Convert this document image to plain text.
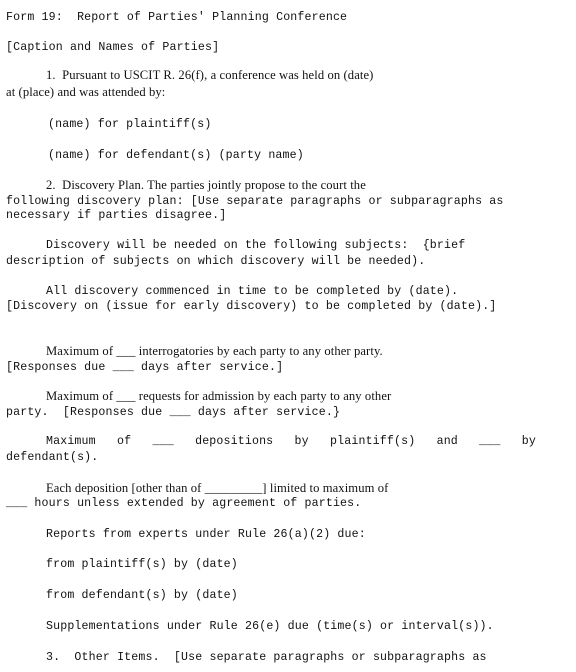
Form 19:  Report of Parties' Planning Conference
[Caption and Names of Parties]
1.  Pursuant to USCIT R. 26(f), a conference was held on (date)
at (place) and was attended by:
(name) for plaintiff(s)
(name) for defendant(s) (party name)
2.  Discovery Plan. The parties jointly propose to the court the
following discovery plan: [Use separate paragraphs or subparagraphs as
necessary if parties disagree.]
Discovery will be needed on the following subjects:  {brief
description of subjects on which discovery will be needed).
All discovery commenced in time to be completed by (date).
[Discovery on (issue for early discovery) to be completed by (date).]
Maximum of ___ interrogatories by each party to any other party.
[Responses due ___ days after service.]
Maximum of ___ requests for admission by each party to any other
party.  [Responses due ___ days after service.}
Maximum of ___ depositions by plaintiff(s) and ___ by
defendant(s).
Each deposition [other than of _________] limited to maximum of
___ hours unless extended by agreement of parties.
Reports from experts under Rule 26(a)(2) due:
from plaintiff(s) by (date)
from defendant(s) by (date)
Supplementations under Rule 26(e) due (time(s) or interval(s)).
3.  Other Items.  [Use separate paragraphs or subparagraphs as
